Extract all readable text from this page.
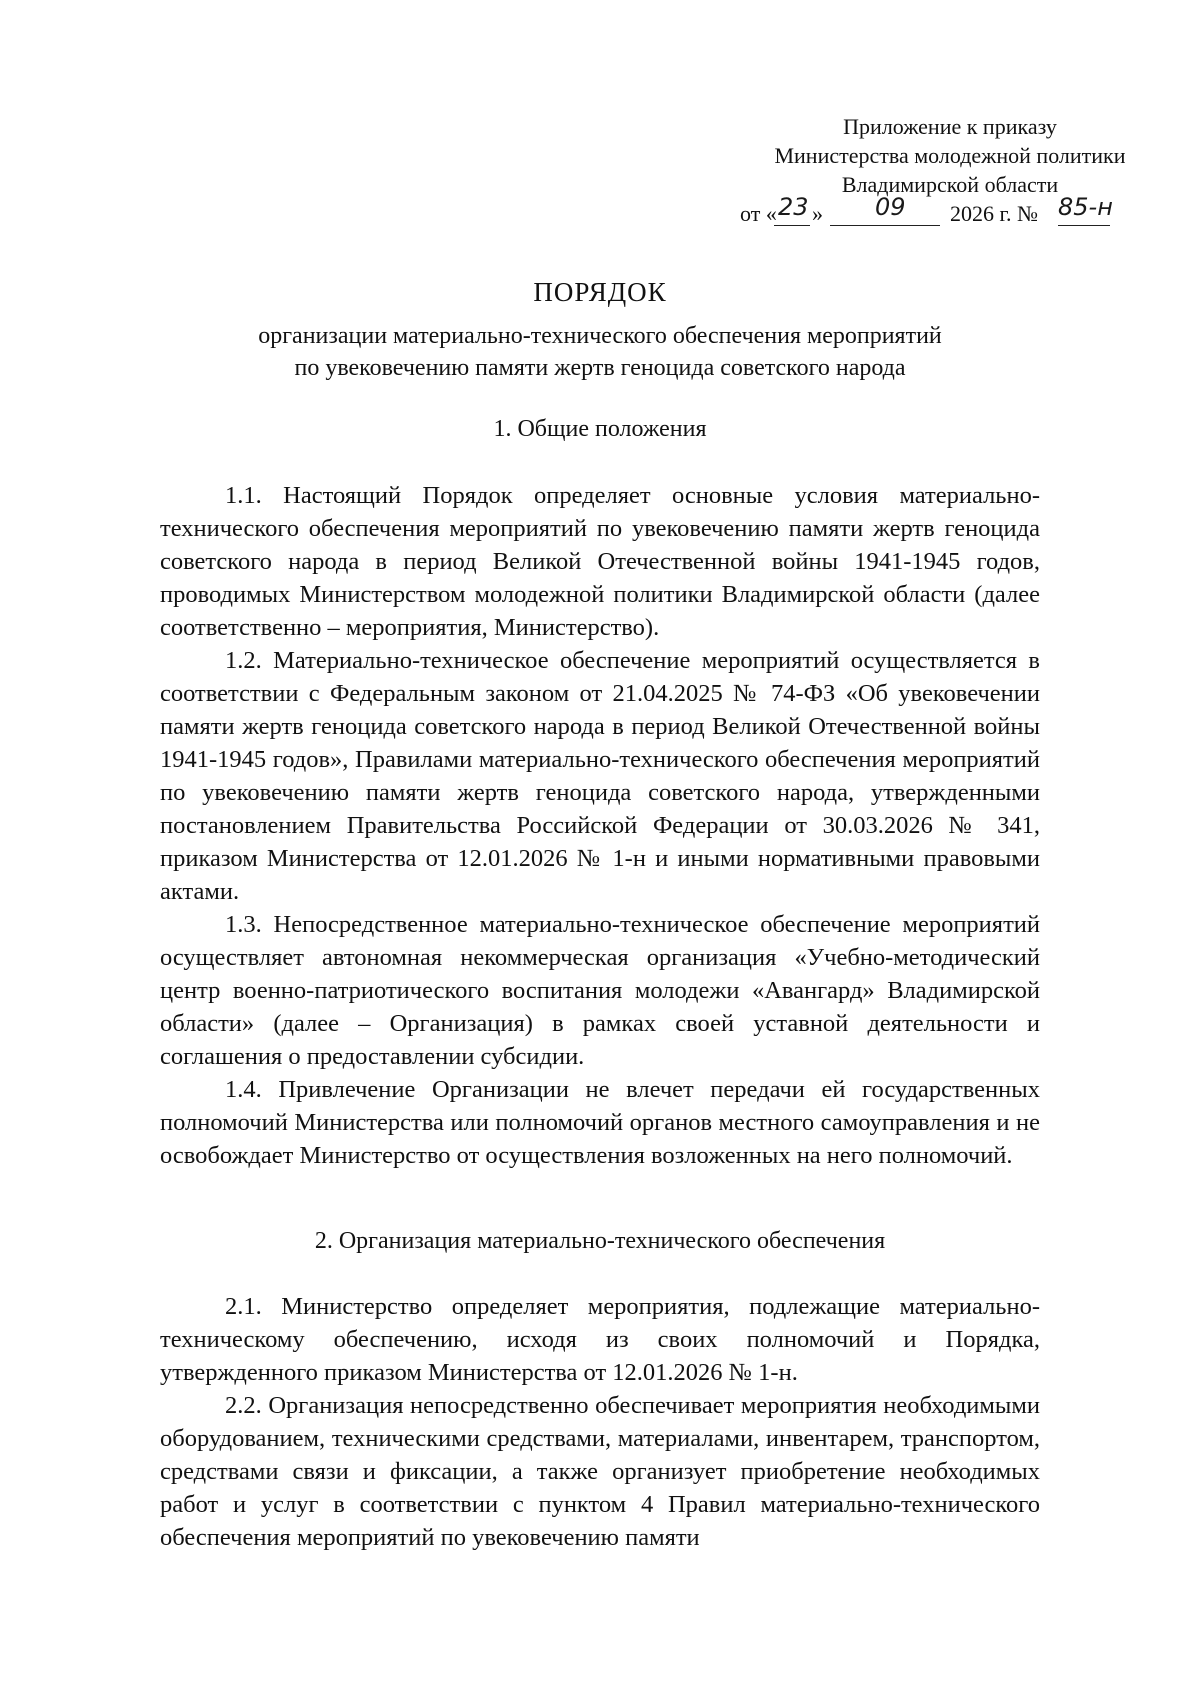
Приложение к приказу
Министерства молодежной политики
Владимирской области
от « 23 » 09 2026 г. № 85-н
ПОРЯДОК
организации материально-технического обеспечения мероприятий
по увековечению памяти жертв геноцида советского народа
1. Общие положения

1.1. Настоящий Порядок определяет основные условия материально-технического обеспечения мероприятий по увековечению памяти жертв геноцида советского народа в период Великой Отечественной войны 1941-1945 годов, проводимых Министерством молодежной политики Владимирской области (далее соответственно – мероприятия, Министерство).

1.2. Материально-техническое обеспечение мероприятий осуществляется в соответствии с Федеральным законом от 21.04.2025 № 74-ФЗ «Об увековечении памяти жертв геноцида советского народа в период Великой Отечественной войны 1941-1945 годов», Правилами материально-технического обеспечения мероприятий по увековечению памяти жертв геноцида советского народа, утвержденными постановлением Правительства Российской Федерации от 30.03.2026 № 341, приказом Министерства от 12.01.2026 № 1-н и иными нормативными правовыми актами.

1.3. Непосредственное материально-техническое обеспечение мероприятий осуществляет автономная некоммерческая организация «Учебно-методический центр военно-патриотического воспитания молодежи «Авангард» Владимирской области» (далее – Организация) в рамках своей уставной деятельности и соглашения о предоставлении субсидии.

1.4. Привлечение Организации не влечет передачи ей государственных полномочий Министерства или полномочий органов местного самоуправления и не освобождает Министерство от осуществления возложенных на него полномочий.

2. Организация материально-технического обеспечения

2.1. Министерство определяет мероприятия, подлежащие материально-техническому обеспечению, исходя из своих полномочий и Порядка, утвержденного приказом Министерства от 12.01.2026 № 1-н.

2.2. Организация непосредственно обеспечивает мероприятия необходимыми оборудованием, техническими средствами, материалами, инвентарем, транспортом, средствами связи и фиксации, а также организует приобретение необходимых работ и услуг в соответствии с пунктом 4 Правил материально-технического обеспечения мероприятий по увековечению памяти
